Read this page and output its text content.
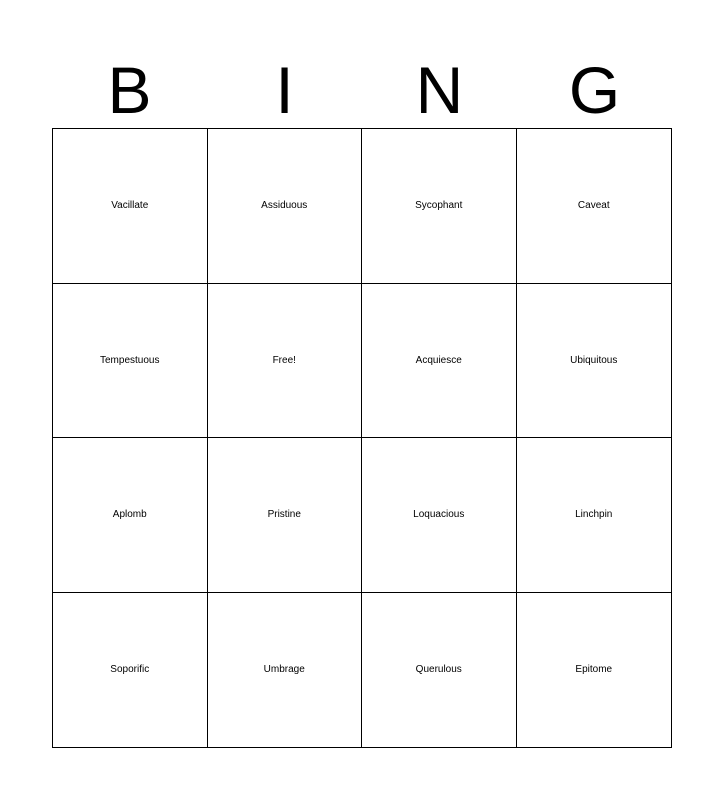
B	I	N	G
Vacillate	Assiduous	Sycophant	Caveat
Tempestuous	Free!	Acquiesce	Ubiquitous
Aplomb	Pristine	Loquacious	Linchpin
Soporific	Umbrage	Querulous	Epitome
